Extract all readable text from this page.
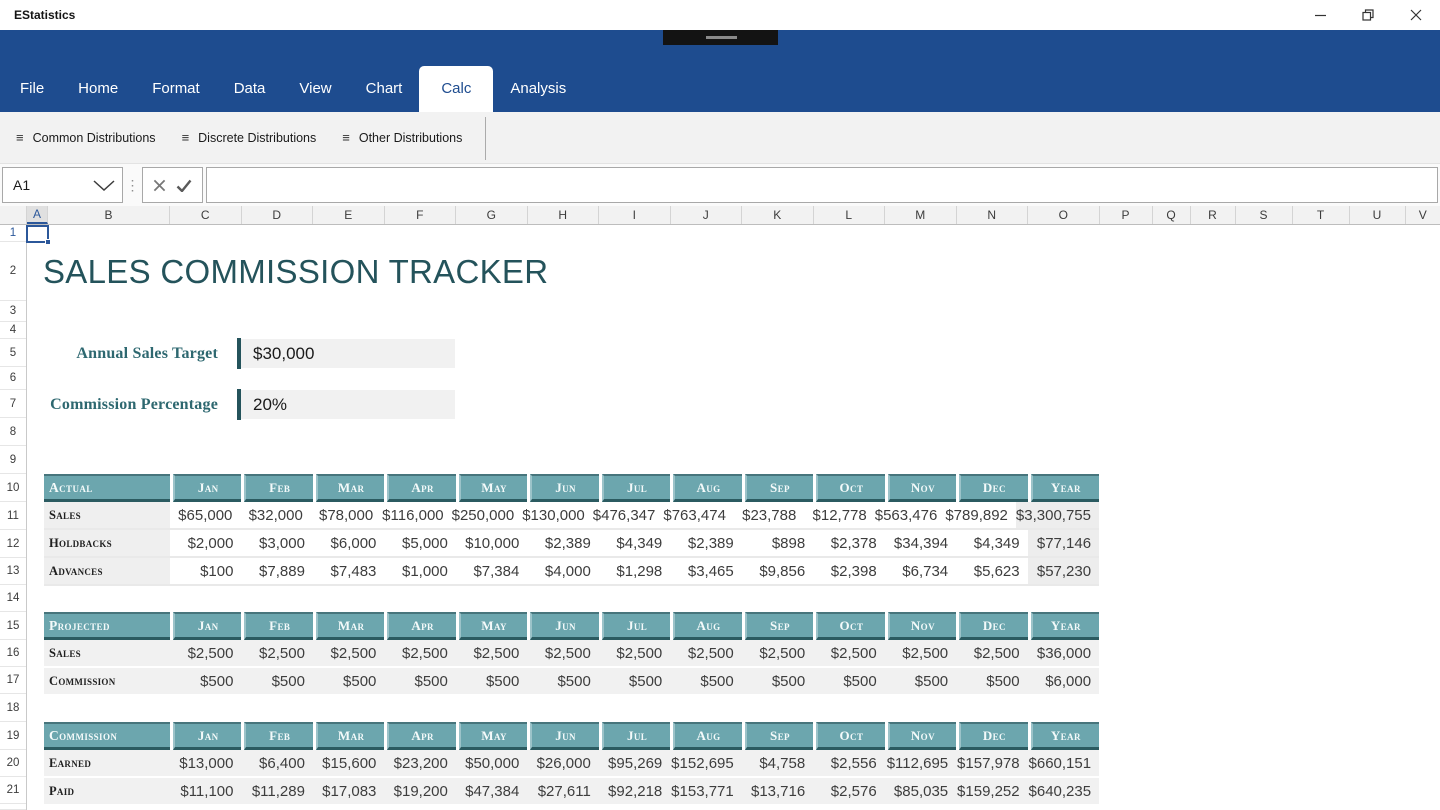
EStatistics
File	Home	Format	Data	View	Chart	Calc	Analysis
≡ Common Distributions ≡ Discrete Distributions ≡ Other Distributions
A1	⋮
A	B	C	D	E	F	G	H	I	J	K	L	M	N	O	P	Q	R	S	T	U	V
1
2
3
4
5
6
7
8
9
10
11
12
13
14
15
16
17
18
19
20
21
SALES COMMISSION TRACKER
Annual Sales Target	$30,000
Commission Percentage	20%
Actual	Jan	Feb	Mar	Apr	May	Jun	Jul	Aug	Sep	Oct	Nov	Dec	Year
Sales	$65,000	$32,000	$78,000 $116,000 $250,000 $130,000 $476,347 $763,474	$23,788	$12,778 $563,476 $789,892 $3,300,755
Holdbacks	$2,000	$3,000	$6,000	$5,000	$10,000	$2,389	$4,349	$2,389	$898	$2,378	$34,394	$4,349	$77,146
Advances	$100	$7,889	$7,483	$1,000	$7,384	$4,000	$1,298	$3,465	$9,856	$2,398	$6,734	$5,623	$57,230
Projected	Jan	Feb	Mar	Apr	May	Jun	Jul	Aug	Sep	Oct	Nov	Dec	Year
Sales	$2,500	$2,500	$2,500	$2,500	$2,500	$2,500	$2,500	$2,500	$2,500	$2,500	$2,500	$2,500	$36,000
Commission	$500	$500	$500	$500	$500	$500	$500	$500	$500	$500	$500	$500	$6,000
Commission	Jan	Feb	Mar	Apr	May	Jun	Jul	Aug	Sep	Oct	Nov	Dec	Year
Earned	$13,000	$6,400	$15,600	$23,200	$50,000	$26,000	$95,269 $152,695	$4,758	$2,556 $112,695 $157,978 $660,151
Paid	$11,100	$11,289	$17,083	$19,200	$47,384	$27,611	$92,218 $153,771	$13,716	$2,576	$85,035 $159,252 $640,235
